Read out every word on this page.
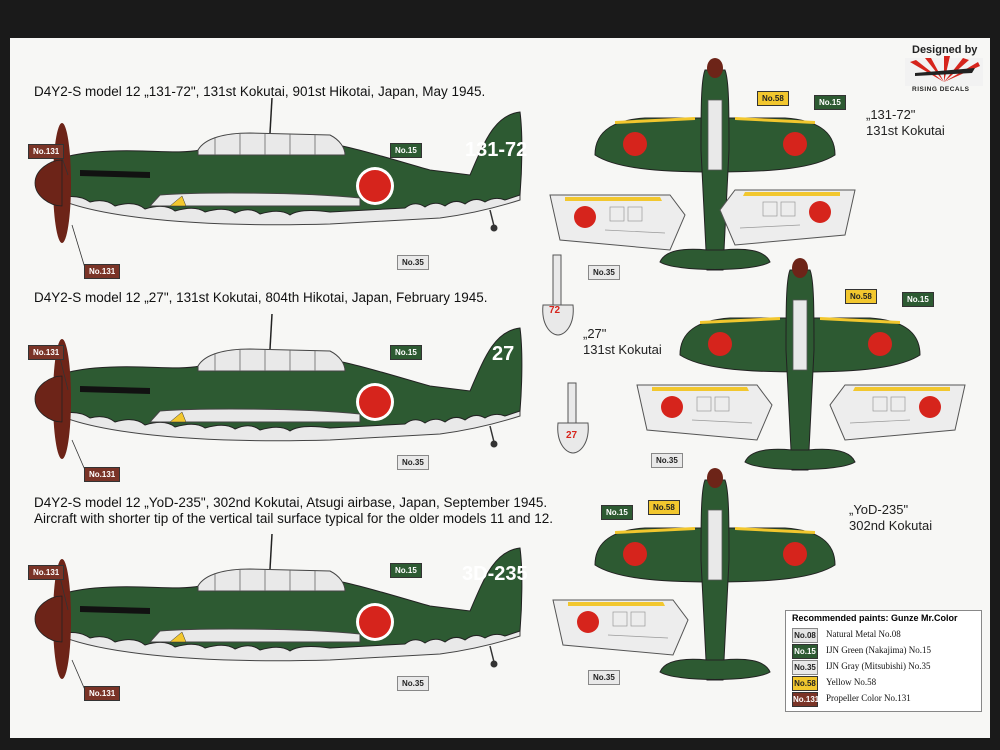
131-72
27
3D-235
72
27
Designed by
RISING DECALS
D4Y2-S model 12 „131-72", 131st Kokutai, 901st Hikotai, Japan, May 1945.
D4Y2-S model 12 „27", 131st Kokutai, 804th Hikotai, Japan, February 1945.
D4Y2-S model 12 „YoD-235", 302nd Kokutai, Atsugi airbase, Japan, September 1945.
Aircraft with shorter tip of the vertical tail surface typical for the older models 11 and 12.
No.131
No.131
No.15
No.35
No.131
No.131
No.15
No.35
No.131
No.131
No.15
No.35
No.58	No.15
No.35
No.58	No.15
No.35
No.15
No.58
No.35
„131-72"
131st Kokutai
„27"
131st Kokutai
„YoD-235"
302nd Kokutai
Recommended paints: Gunze Mr.Color
No.08 Natural Metal No.08
No.15 IJN Green (Nakajima) No.15
No.35 IJN Gray (Mitsubishi) No.35
No.58 Yellow No.58
No.131 Propeller Color No.131
